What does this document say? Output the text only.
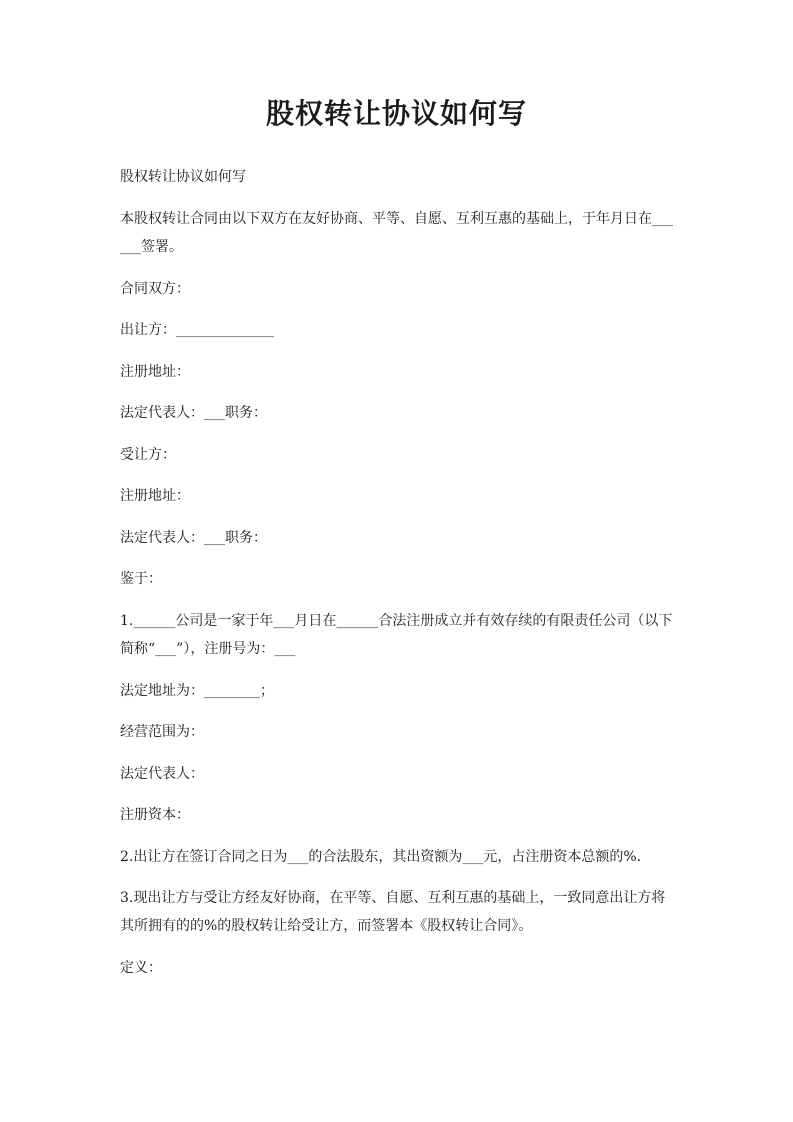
股权转让协议如何写
股权转让协议如何写
本股权转让合同由以下双方在友好协商、平等、自愿、互利互惠的基础上，于年月日在______签署。
合同双方：
出让方：______________
注册地址：
法定代表人：___职务：
受让方：
注册地址：
法定代表人：___职务：
鉴于：
1.______公司是一家于年___月日在______合法注册成立并有效存续的有限责任公司（以下简称“___”），注册号为：___
法定地址为：________；
经营范围为：
法定代表人：
注册资本：
2.出让方在签订合同之日为___的合法股东，其出资额为___元，占注册资本总额的%.
3.现出让方与受让方经友好协商，在平等、自愿、互利互惠的基础上，一致同意出让方将其所拥有的的%的股权转让给受让方，而签署本《股权转让合同》。
定义：
